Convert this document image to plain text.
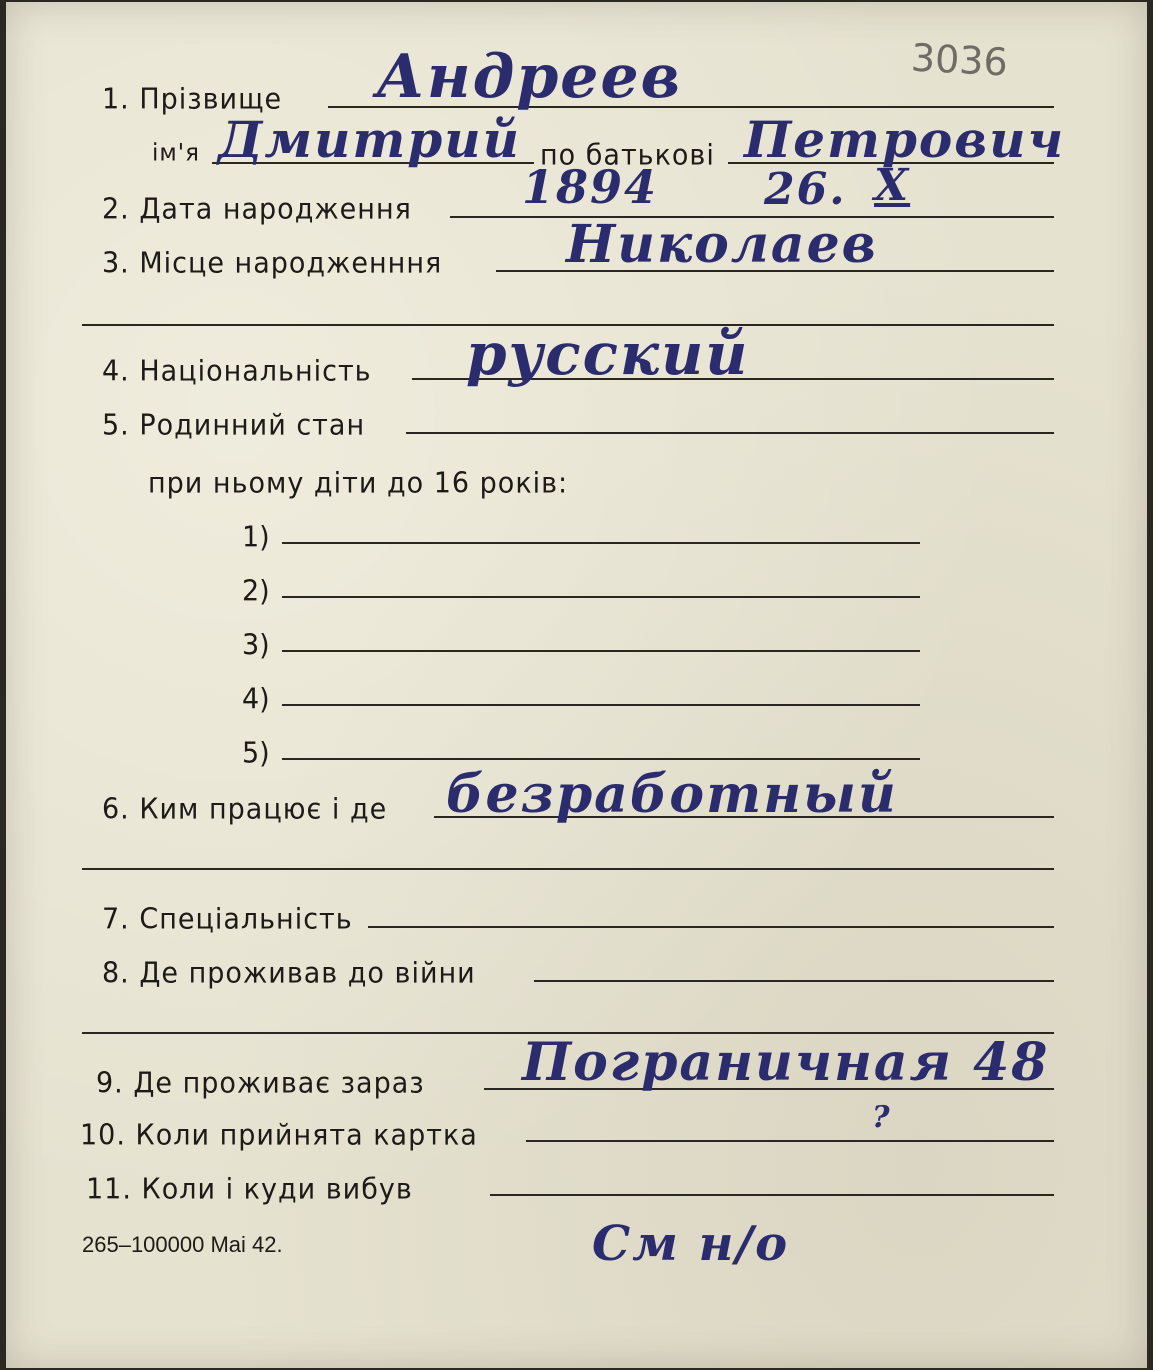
3036
1. Прізвище Андреев
ім'я Дмитрий по батькові Петрович
2. Дата народження 1894 26. X
3. Місце народженння Николаев
4. Національність русский
5. Родинний стан
при ньому діти до 16 років:
1)
2)
3)
4)
5)
6. Ким працює і де безработный
7. Спеціальність
8. Де проживав до війни
9. Де проживає зараз Пограничная 48
10. Коли прийнята картка
?
11. Коли і куди вибув
265–100000 Mai 42.	См н/о
